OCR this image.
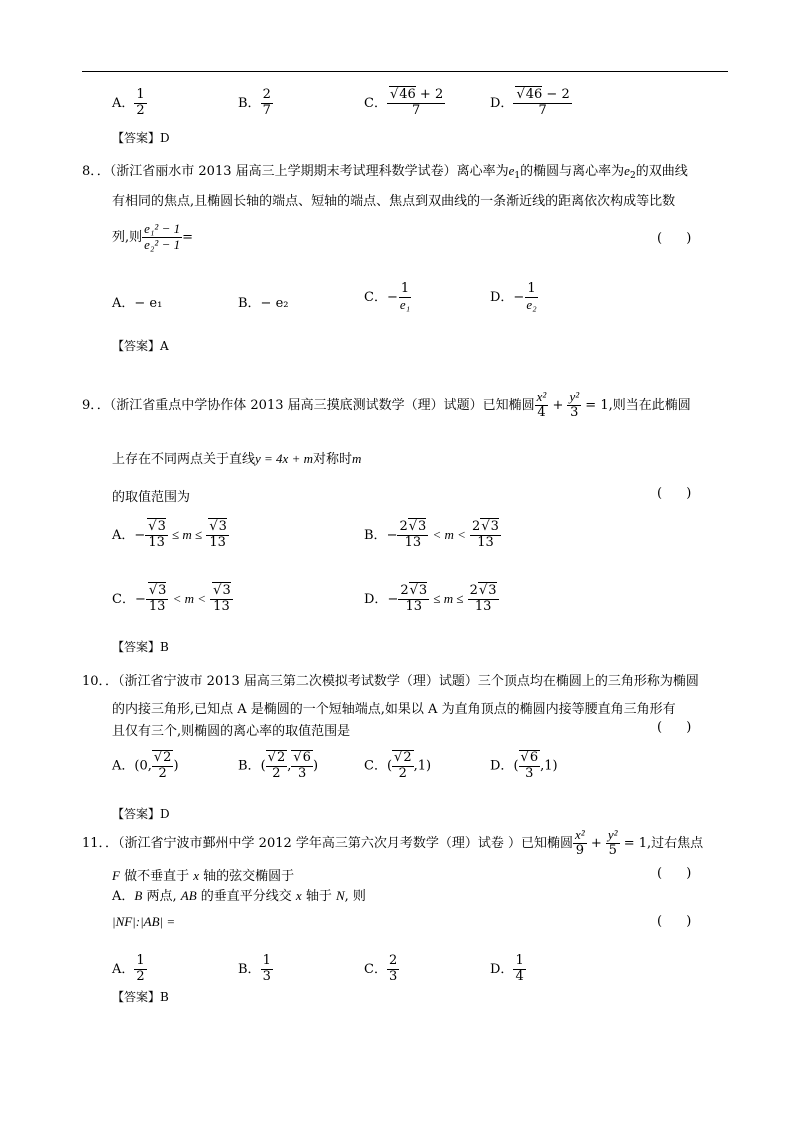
A． $\frac{1}{2}$	B． $\frac{2}{7}$	C． √ $\frac{46 + 2}{7}$	D． √ $\frac{46 - 2}{7}$
【答案】D
8．．（浙江省丽水市 2013 届高三上学期期末考试理科数学试卷）离心率为$e_1$的椭圆与离心率为$e_2$的双曲线
有相同的焦点,且椭圆长轴的端点、短轴的端点、焦点到双曲线的一条渐近线的距离依次构成等比数
列,则 $\frac{\text{e₁² − 1}}{\text{e₂² − 1}}$ =	( )
A．− e₁	B．− e₂	C．− $\frac{1}{\text{e₁}}$	D．− $\frac{1}{\text{e₂}}$
【答案】A
9．．（浙江省重点中学协作体 2013 届高三摸底测试数学（理）试题）已知椭圆 $\frac{\text{x²}}{4} + \frac{\text{y²}}{3} = 1$,则当在此椭圆
上存在不同两点关于直线y = 4x + m对称时m
的取值范围为	( )
A．− √ $\frac{3}{13} \le m$ ≤ √ $\frac{3}{13}$	B．− $\frac{2 √ 3}{13} < m < \frac{2 √ 3}{13}$
C．− √ $\frac{3}{13} < m$ < √ $\frac{3}{13}$	D．− $\frac{2 √ 3}{13} \le m \le \frac{2 √ 3}{13}$
【答案】B
10．．（浙江省宁波市 2013 届高三第二次模拟考试数学（理）试题）三个顶点均在椭圆上的三角形称为椭圆
的内接三角形,已知点 A 是椭圆的一个短轴端点,如果以 A 为直角顶点的椭圆内接等腰直角三角形有
且仅有三个,则椭圆的离心率的取值范围是	( )
A．(0, √ $\frac{2}{2}$ )	B．( √ $\frac{2}{2}$ , √ $\frac{6}{3}$ )	C．( √ $\frac{2}{2} ,1$)	D．( √ $\frac{6}{3} ,1$)
【答案】D
11．．（浙江省宁波市鄞州中学 2012 学年高三第六次月考数学（理）试卷 ）已知椭圆 $\frac{\text{x²}}{9} + \frac{\text{y²}}{5} = 1$,过右焦点
F 做不垂直于 x 轴的弦交椭圆于	( )
A．B 两点, AB 的垂直平分线交 x 轴于 N, 则
|NF|:|AB| =	( )
A． $\frac{1}{2}$	B． $\frac{1}{3}$	C． $\frac{2}{3}$	D． $\frac{1}{4}$
【答案】B
